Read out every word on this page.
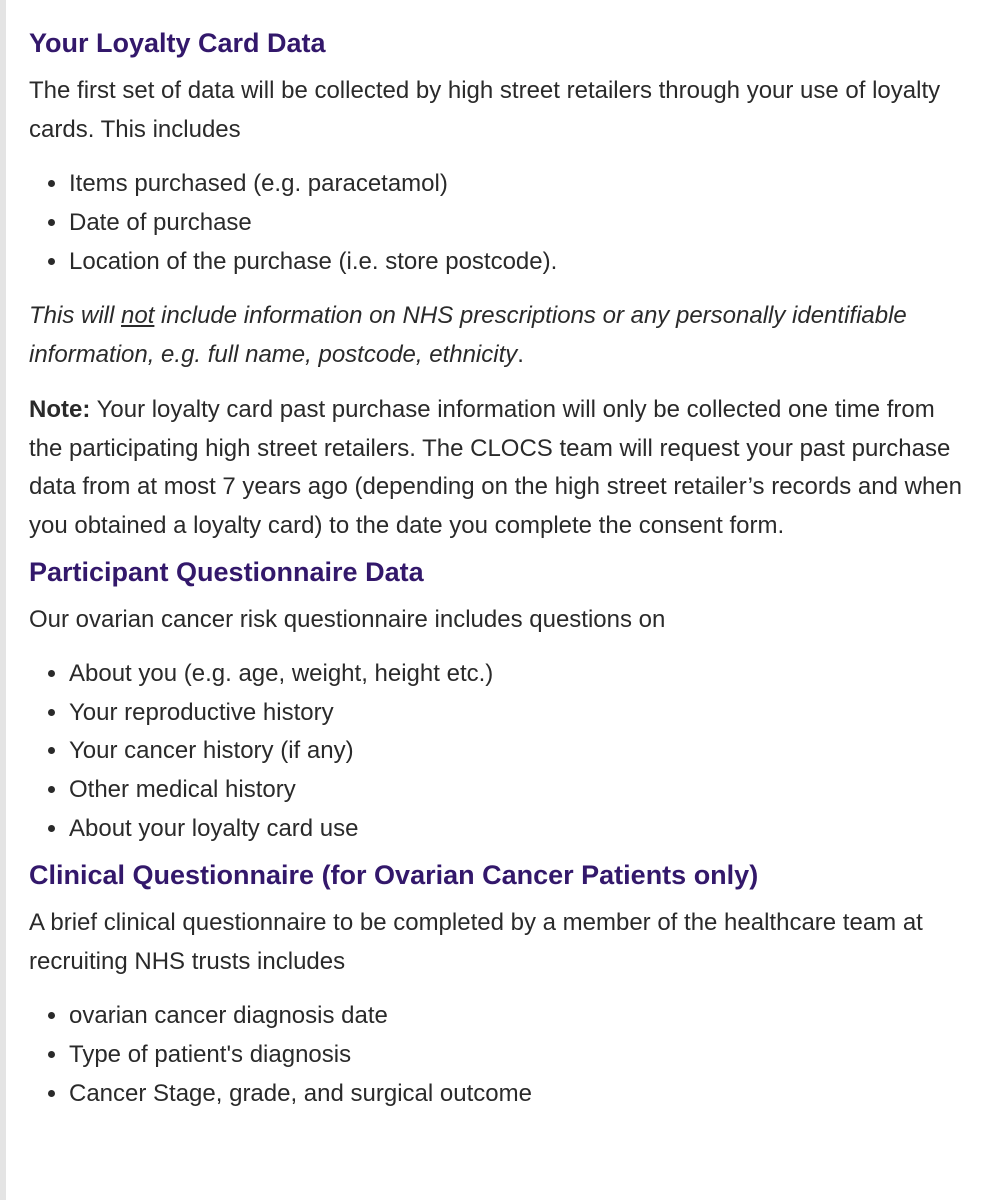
Your Loyalty Card Data

The first set of data will be collected by high street retailers through your use of loyalty cards. This includes

• Items purchased (e.g. paracetamol)
• Date of purchase
• Location of the purchase (i.e. store postcode).

This will not include information on NHS prescriptions or any personally identifiable information, e.g. full name, postcode, ethnicity.

Note: Your loyalty card past purchase information will only be collected one time from the participating high street retailers. The CLOCS team will request your past purchase data from at most 7 years ago (depending on the high street retailer’s records and when you obtained a loyalty card) to the date you complete the consent form.

Participant Questionnaire Data

Our ovarian cancer risk questionnaire includes questions on

• About you (e.g. age, weight, height etc.)
• Your reproductive history
• Your cancer history (if any)
• Other medical history
• About your loyalty card use
Clinical Questionnaire (for Ovarian Cancer Patients only)

A brief clinical questionnaire to be completed by a member of the healthcare team at recruiting NHS trusts includes

• ovarian cancer diagnosis date
• Type of patient's diagnosis
• Cancer Stage, grade, and surgical outcome
